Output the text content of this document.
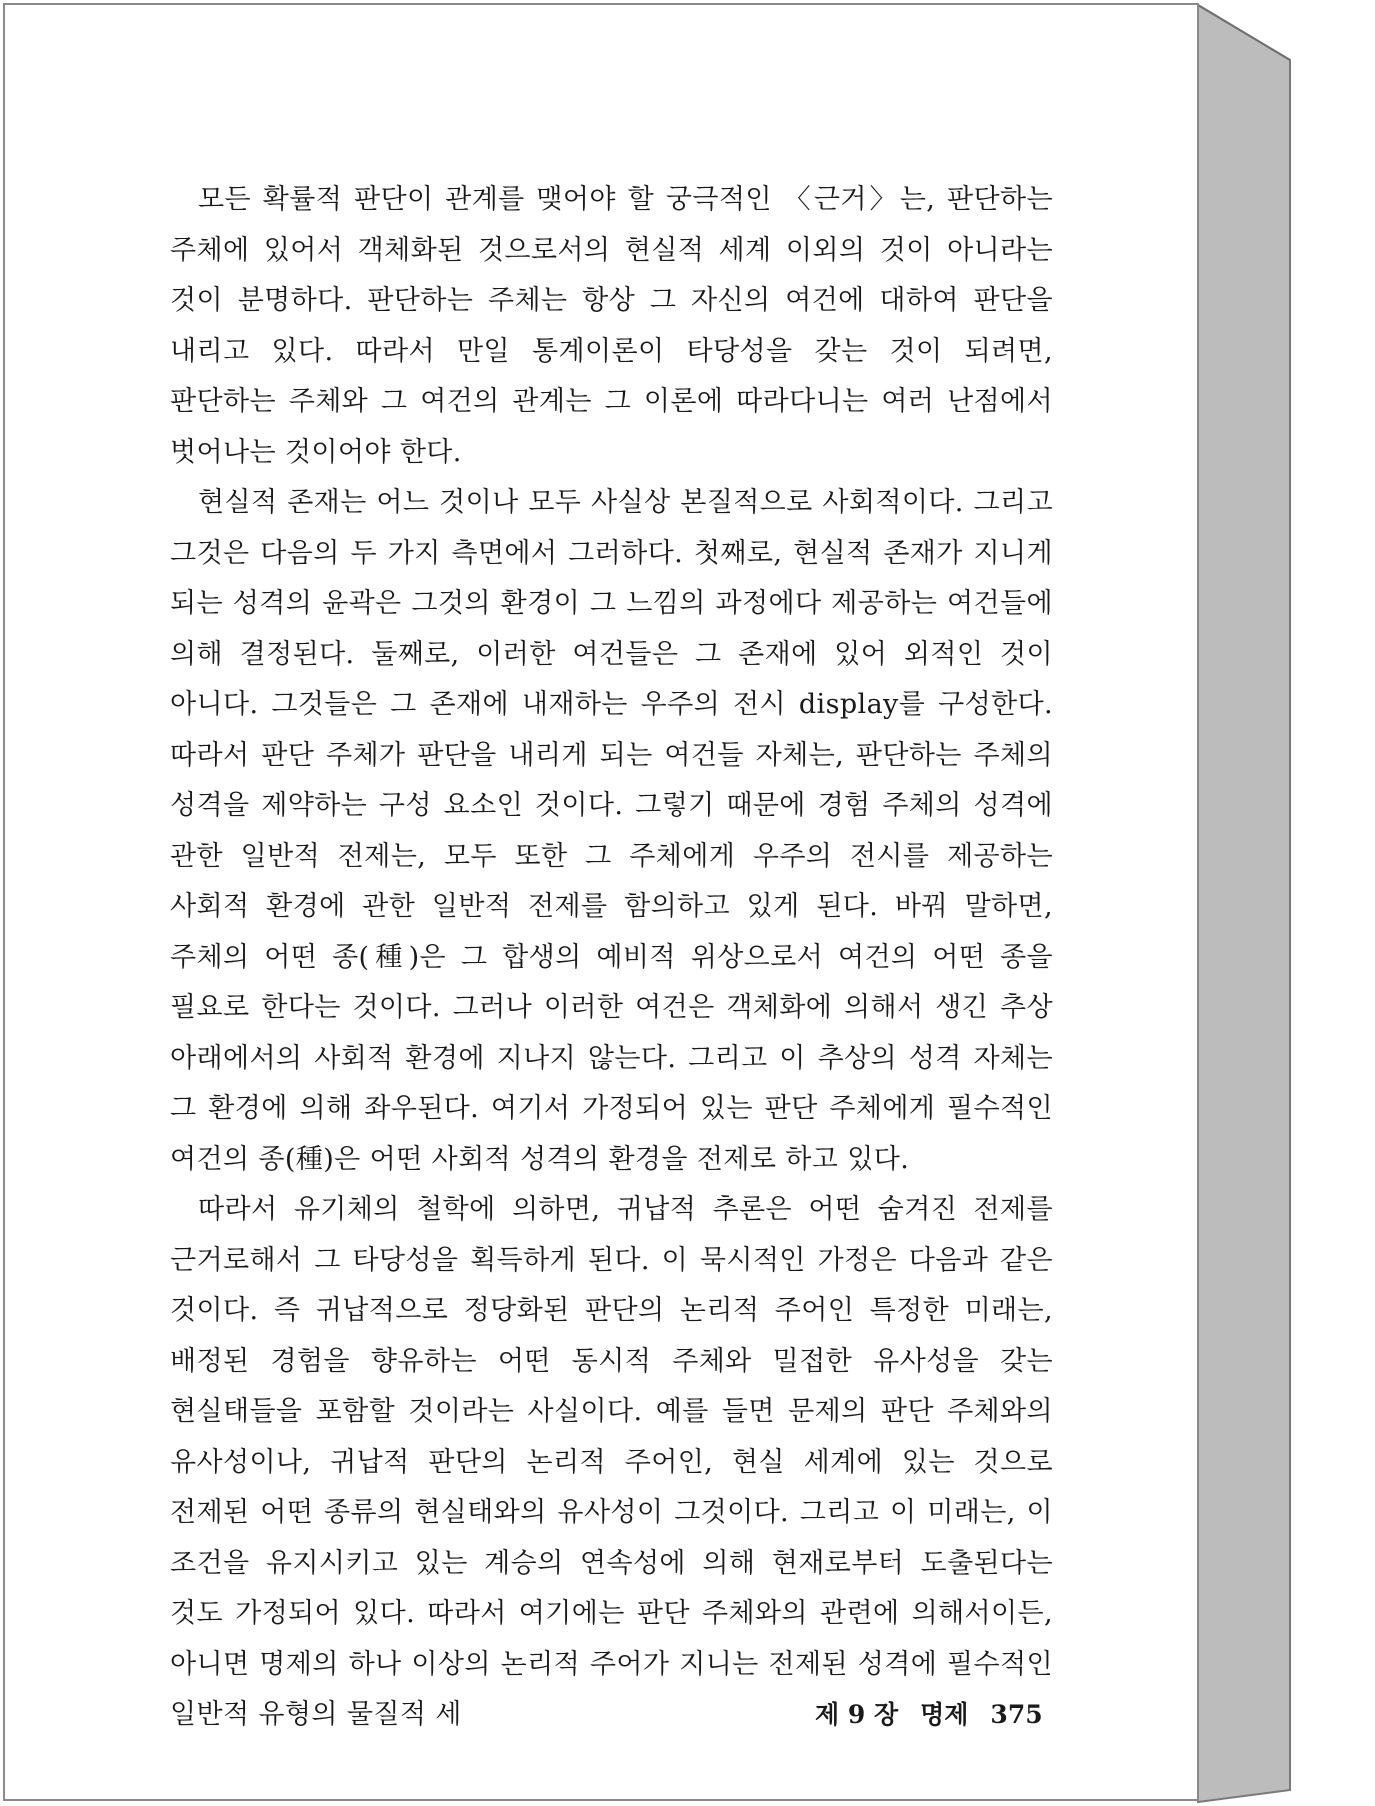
모든 확률적 판단이 관계를 맺어야 할 궁극적인 〈근거〉는, 판단하는 주체에 있어서 객체화된 것으로서의 현실적 세계 이외의 것이 아니라는 것이 분명하다. 판단하는 주체는 항상 그 자신의 여건에 대하여 판단을 내리고 있다. 따라서 만일 통계이론이 타당성을 갖는 것이 되려면, 판단하는 주체와 그 여건의 관계는 그 이론에 따라다니는 여러 난점에서 벗어나는 것이어야 한다.

현실적 존재는 어느 것이나 모두 사실상 본질적으로 사회적이다. 그리고 그것은 다음의 두 가지 측면에서 그러하다. 첫째로, 현실적 존재가 지니게 되는 성격의 윤곽은 그것의 환경이 그 느낌의 과정에다 제공하는 여건들에 의해 결정된다. 둘째로, 이러한 여건들은 그 존재에 있어 외적인 것이 아니다. 그것들은 그 존재에 내재하는 우주의 전시 display를 구성한다. 따라서 판단 주체가 판단을 내리게 되는 여건들 자체는, 판단하는 주체의 성격을 제약하는 구성 요소인 것이다. 그렇기 때문에 경험 주체의 성격에 관한 일반적 전제는, 모두 또한 그 주체에게 우주의 전시를 제공하는 사회적 환경에 관한 일반적 전제를 함의하고 있게 된다. 바꿔 말하면, 주체의 어떤 종(種)은 그 합생의 예비적 위상으로서 여건의 어떤 종을 필요로 한다는 것이다. 그러나 이러한 여건은 객체화에 의해서 생긴 추상 아래에서의 사회적 환경에 지나지 않는다. 그리고 이 추상의 성격 자체는 그 환경에 의해 좌우된다. 여기서 가정되어 있는 판단 주체에게 필수적인 여건의 종(種)은 어떤 사회적 성격의 환경을 전제로 하고 있다.

따라서 유기체의 철학에 의하면, 귀납적 추론은 어떤 숨겨진 전제를 근거로해서 그 타당성을 획득하게 된다. 이 묵시적인 가정은 다음과 같은 것이다. 즉 귀납적으로 정당화된 판단의 논리적 주어인 특정한 미래는, 배정된 경험을 향유하는 어떤 동시적 주체와 밀접한 유사성을 갖는 현실태들을 포함할 것이라는 사실이다. 예를 들면 문제의 판단 주체와의 유사성이나, 귀납적 판단의 논리적 주어인, 현실 세계에 있는 것으로 전제된 어떤 종류의 현실태와의 유사성이 그것이다. 그리고 이 미래는, 이 조건을 유지시키고 있는 계승의 연속성에 의해 현재로부터 도출된다는 것도 가정되어 있다. 따라서 여기에는 판단 주체와의 관련에 의해서이든, 아니면 명제의 하나 이상의 논리적 주어가 지니는 전제된 성격에 필수적인 일반적 유형의 물질적 세	제 9 장 명제 375
